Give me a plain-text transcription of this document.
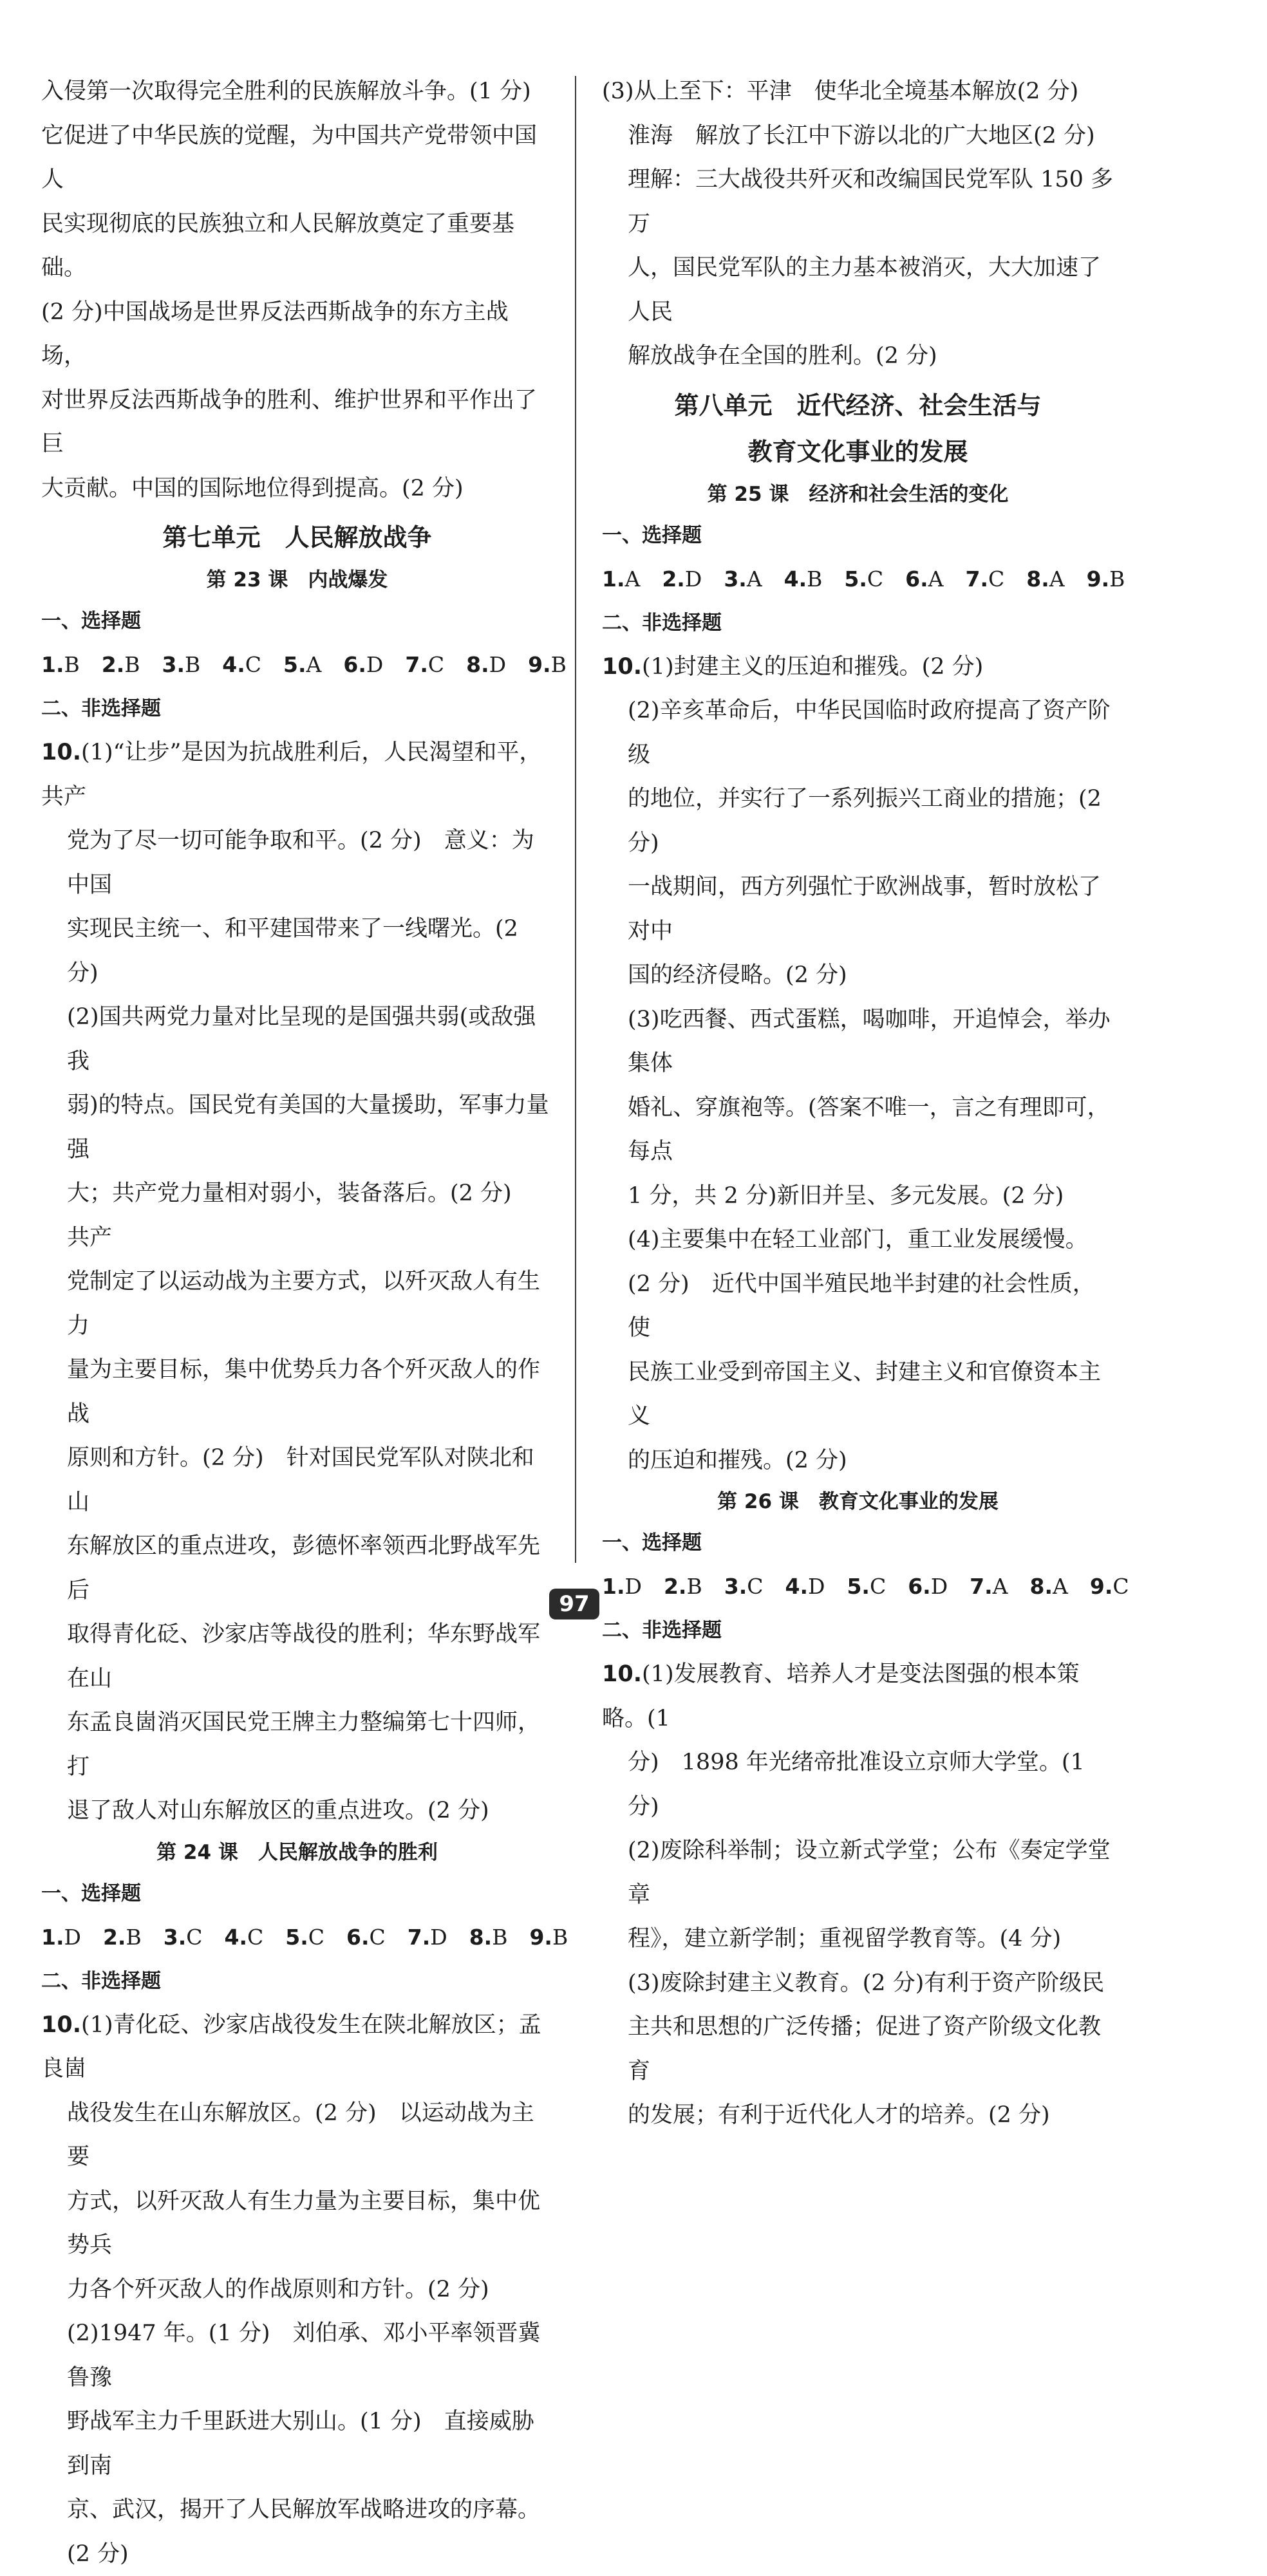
入侵第一次取得完全胜利的民族解放斗争。(1 分)

它促进了中华民族的觉醒，为中国共产党带领中国人

民实现彻底的民族独立和人民解放奠定了重要基础。

(2 分)中国战场是世界反法西斯战争的东方主战场，

对世界反法西斯战争的胜利、维护世界和平作出了巨

大贡献。中国的国际地位得到提高。(2 分)

第七单元　人民解放战争
第 23 课　内战爆发

一、选择题

1.B 2.B 3.B 4.C 5.A 6.D 7.C 8.D 9.B

二、非选择题

10.(1)“让步”是因为抗战胜利后，人民渴望和平，共产

党为了尽一切可能争取和平。(2 分)　意义：为中国

实现民主统一、和平建国带来了一线曙光。(2 分)

(2)国共两党力量对比呈现的是国强共弱(或敌强我

弱)的特点。国民党有美国的大量援助，军事力量强

大；共产党力量相对弱小，装备落后。(2 分)　共产

党制定了以运动战为主要方式，以歼灭敌人有生力

量为主要目标，集中优势兵力各个歼灭敌人的作战

原则和方针。(2 分)　针对国民党军队对陕北和山

东解放区的重点进攻，彭德怀率领西北野战军先后

取得青化砭、沙家店等战役的胜利；华东野战军在山

东孟良崮消灭国民党王牌主力整编第七十四师，打

退了敌人对山东解放区的重点进攻。(2 分)

第 24 课　人民解放战争的胜利

一、选择题

1.D 2.B 3.C 4.C 5.C 6.C 7.D 8.B 9.B

二、非选择题

10.(1)青化砭、沙家店战役发生在陕北解放区；孟良崮

战役发生在山东解放区。(2 分)　以运动战为主要

方式，以歼灭敌人有生力量为主要目标，集中优势兵

力各个歼灭敌人的作战原则和方针。(2 分)

(2)1947 年。(1 分)　刘伯承、邓小平率领晋冀鲁豫

野战军主力千里跃进大别山。(1 分)　直接威胁到南

京、武汉，揭开了人民解放军战略进攻的序幕。(2 分)

(3)从上至下：平津　使华北全境基本解放(2 分)

淮海　解放了长江中下游以北的广大地区(2 分)

理解：三大战役共歼灭和改编国民党军队 150 多万

人，国民党军队的主力基本被消灭，大大加速了人民

解放战争在全国的胜利。(2 分)

第八单元　近代经济、社会生活与
教育文化事业的发展
第 25 课　经济和社会生活的变化

一、选择题

1.A 2.D 3.A 4.B 5.C 6.A 7.C 8.A 9.B

二、非选择题

10.(1)封建主义的压迫和摧残。(2 分)

(2)辛亥革命后，中华民国临时政府提高了资产阶级

的地位，并实行了一系列振兴工商业的措施；(2 分)

一战期间，西方列强忙于欧洲战事，暂时放松了对中

国的经济侵略。(2 分)

(3)吃西餐、西式蛋糕，喝咖啡，开追悼会，举办集体

婚礼、穿旗袍等。(答案不唯一，言之有理即可，每点

1 分，共 2 分)新旧并呈、多元发展。(2 分)

(4)主要集中在轻工业部门，重工业发展缓慢。

(2 分)　近代中国半殖民地半封建的社会性质，使

民族工业受到帝国主义、封建主义和官僚资本主义

的压迫和摧残。(2 分)

第 26 课　教育文化事业的发展

一、选择题

1.D 2.B 3.C 4.D 5.C 6.D 7.A 8.A 9.C

二、非选择题

10.(1)发展教育、培养人才是变法图强的根本策略。(1

分)　1898 年光绪帝批准设立京师大学堂。(1 分)

(2)废除科举制；设立新式学堂；公布《奏定学堂章

程》，建立新学制；重视留学教育等。(4 分)

(3)废除封建主义教育。(2 分)有利于资产阶级民

主共和思想的广泛传播；促进了资产阶级文化教育

的发展；有利于近代化人才的培养。(2 分)

97
